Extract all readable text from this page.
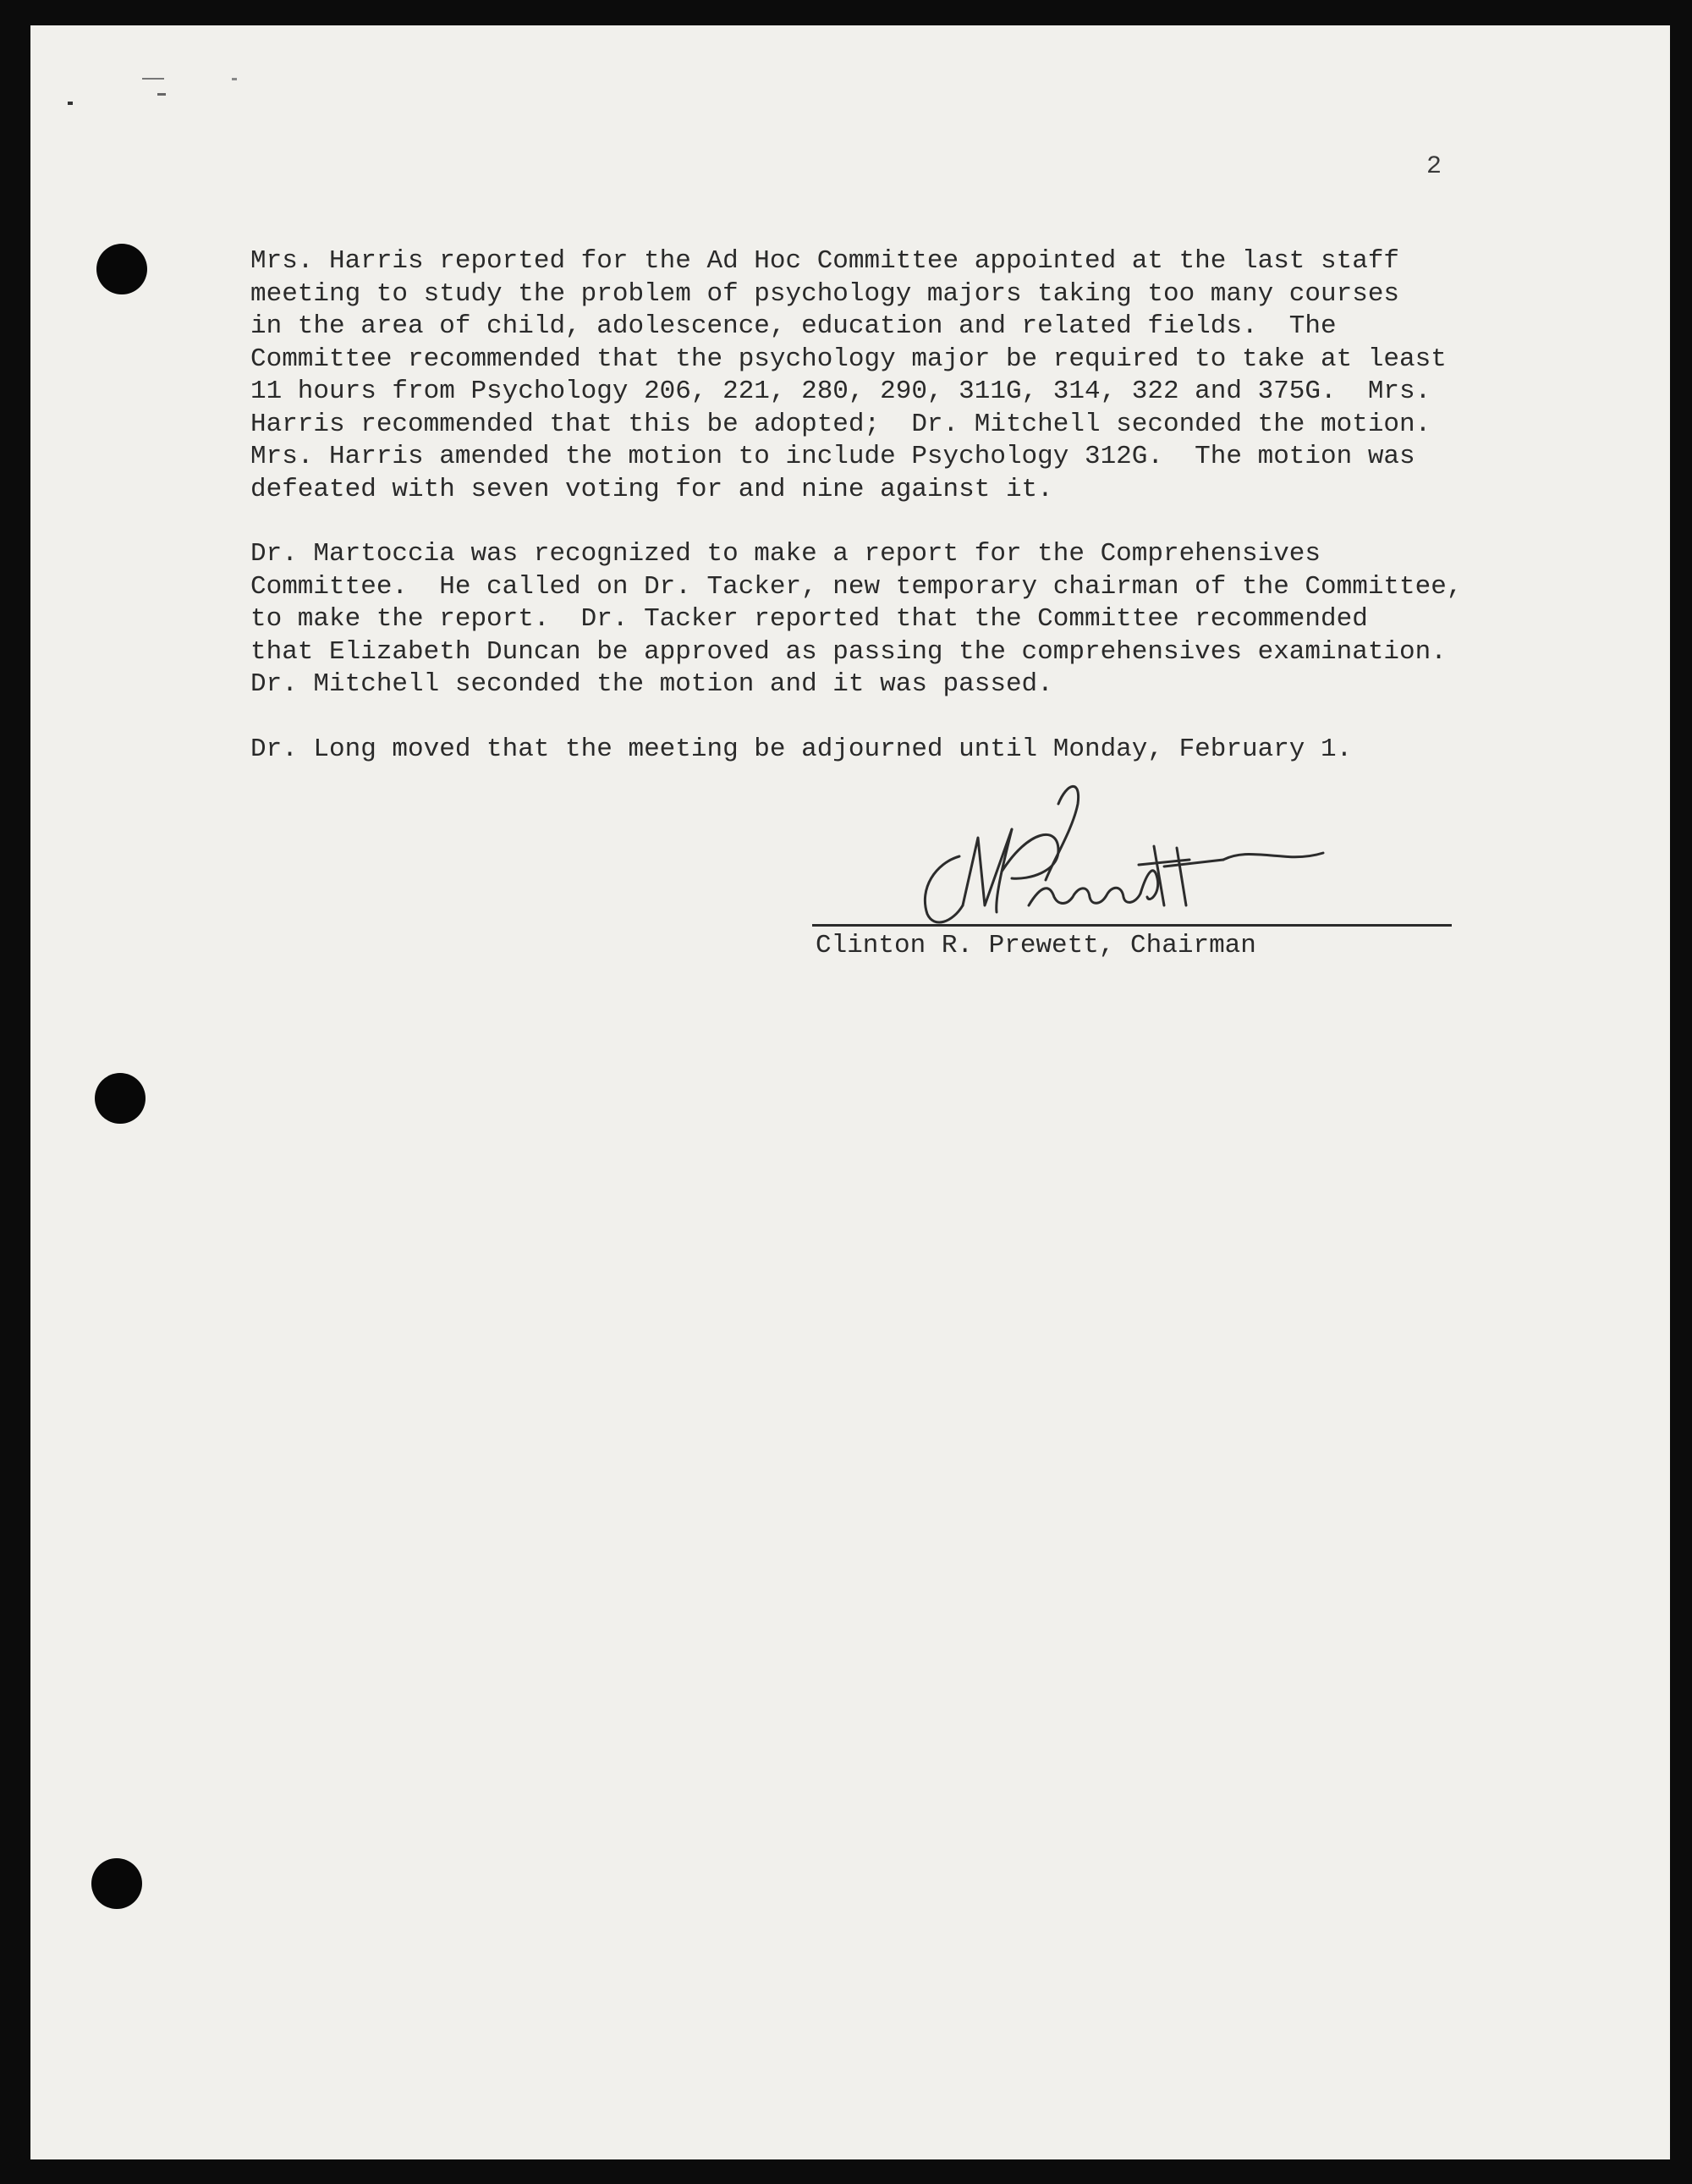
2
Mrs. Harris reported for the Ad Hoc Committee appointed at the last staff
meeting to study the problem of psychology majors taking too many courses
in the area of child, adolescence, education and related fields.  The
Committee recommended that the psychology major be required to take at least
11 hours from Psychology 206, 221, 280, 290, 311G, 314, 322 and 375G.  Mrs.
Harris recommended that this be adopted;  Dr. Mitchell seconded the motion.
Mrs. Harris amended the motion to include Psychology 312G.  The motion was
defeated with seven voting for and nine against it.
Dr. Martoccia was recognized to make a report for the Comprehensives
Committee.  He called on Dr. Tacker, new temporary chairman of the Committee,
to make the report.  Dr. Tacker reported that the Committee recommended
that Elizabeth Duncan be approved as passing the comprehensives examination.
Dr. Mitchell seconded the motion and it was passed.
Dr. Long moved that the meeting be adjourned until Monday, February 1.
Clinton R. Prewett, Chairman
